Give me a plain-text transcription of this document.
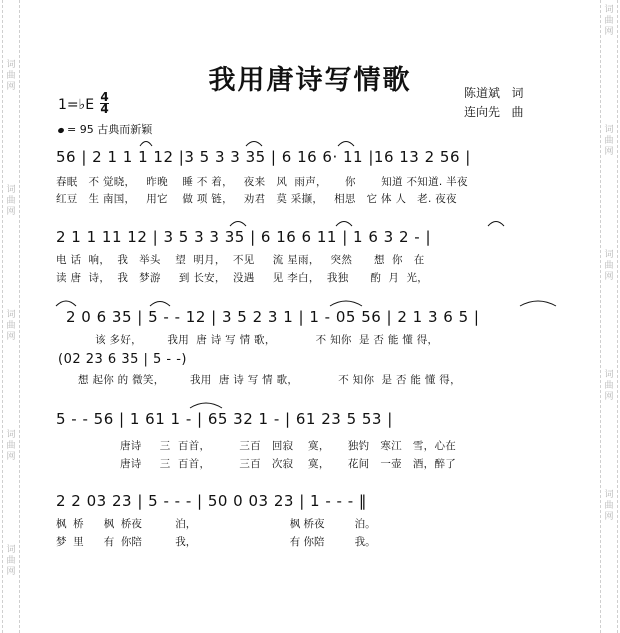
词
曲
网
词
曲
网
词
曲
网
词
曲
网
词
曲
网
词
曲
网
词
曲
网
词
曲
网
词
曲
网
词
曲
网
我用唐诗写情歌	陈道斌 词
连向先 曲
1=♭E 4
4
= 95 古典而新颖
56 | 2 1 1 1 12 |3 5 3 3 35 | 6 16 6· 11 |16 13 2 56 |
春眠   不 觉晓，   昨晚    睡 不 着，   夜来   风  雨声，     你       知道 不知道. 半夜
红豆   生 南国，   用它    做 项 链，   劝君   莫 采撷，   相思   它 体 人   老. 夜夜
2 1 1 11 12 | 3 5 3 3 35 | 6 16 6 11 | 1 6 3 2 - |
电 话  响，  我   举头    望  明月，  不见     流 星雨，   突然      想  你   在
读 唐  诗，  我   梦游     到 长安，  没遇     见 李白，  我独      酌  月  光，
2 0 6 35 | 5 - - 12 | 3 5 2 3 1 | 1 - 05 56 | 2 1 3 6 5 |
该 多好，       我用  唐 诗 写 情 歌，           不 知你  是 否 能 懂 得，
(02 23 6 35 | 5 - -)
想 起你 的 微笑，       我用  唐 诗 写 情 歌，           不 知你  是 否 能 懂 得，
5 - - 56 | 1 61 1 - | 65 32 1 - | 61 23 5 53 |
唐诗     三  百首，        三百   回寂    寞，     独钓   寒江   雪，心在
唐诗     三  百首，        三百   次寂    寞，     花间   一壶   酒，醉了
2 2 03 23 | 5 - - - | 50 0 03 23 | 1 - - - ‖
枫  桥      枫  桥夜          泊，                            枫 桥夜         泊。
梦  里      有  你陪          我，                            有 你陪         我。
